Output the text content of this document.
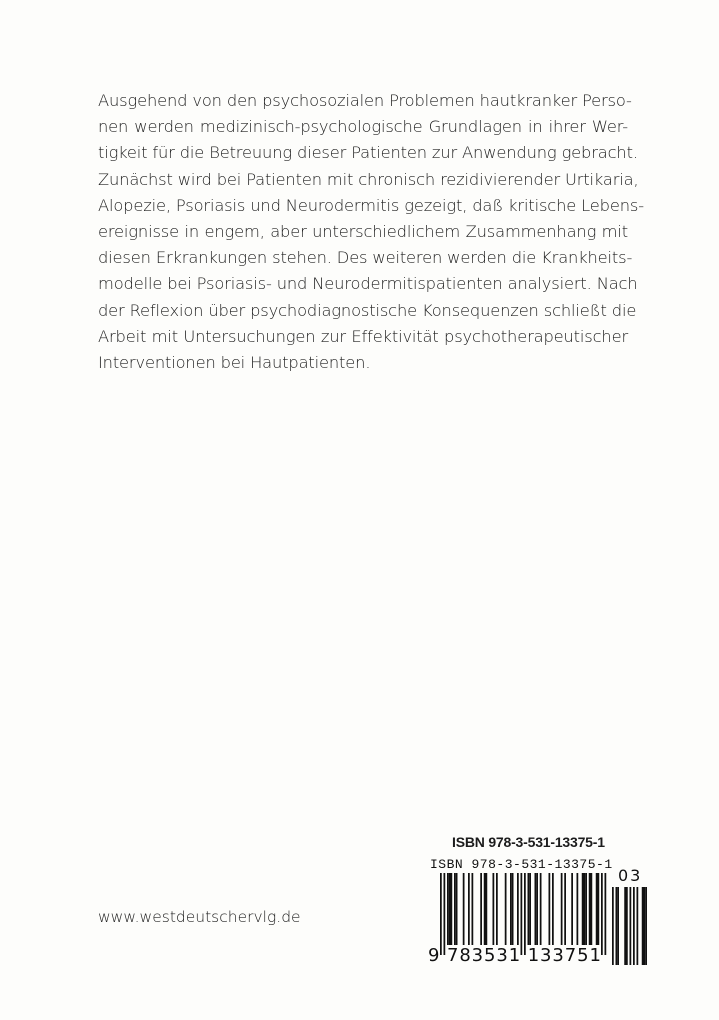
Ausgehend von den psychosozialen Problemen hautkranker Perso-
nen werden medizinisch-psychologische Grundlagen in ihrer Wer-
tigkeit für die Betreuung dieser Patienten zur Anwendung gebracht.
Zunächst wird bei Patienten mit chronisch rezidivierender Urtikaria,
Alopezie, Psoriasis und Neurodermitis gezeigt, daß kritische Lebens-
ereignisse in engem, aber unterschiedlichem Zusammenhang mit
diesen Erkrankungen stehen. Des weiteren werden die Krankheits-
modelle bei Psoriasis- und Neurodermitispatienten analysiert. Nach
der Reflexion über psychodiagnostische Konsequenzen schließt die
Arbeit mit Untersuchungen zur Effektivität psychotherapeutischer
Interventionen bei Hautpatienten.
ISBN 978-3-531-13375-1
ISBN 978-3-531-13375-1
03
9 783531 133751
www.westdeutschervlg.de
